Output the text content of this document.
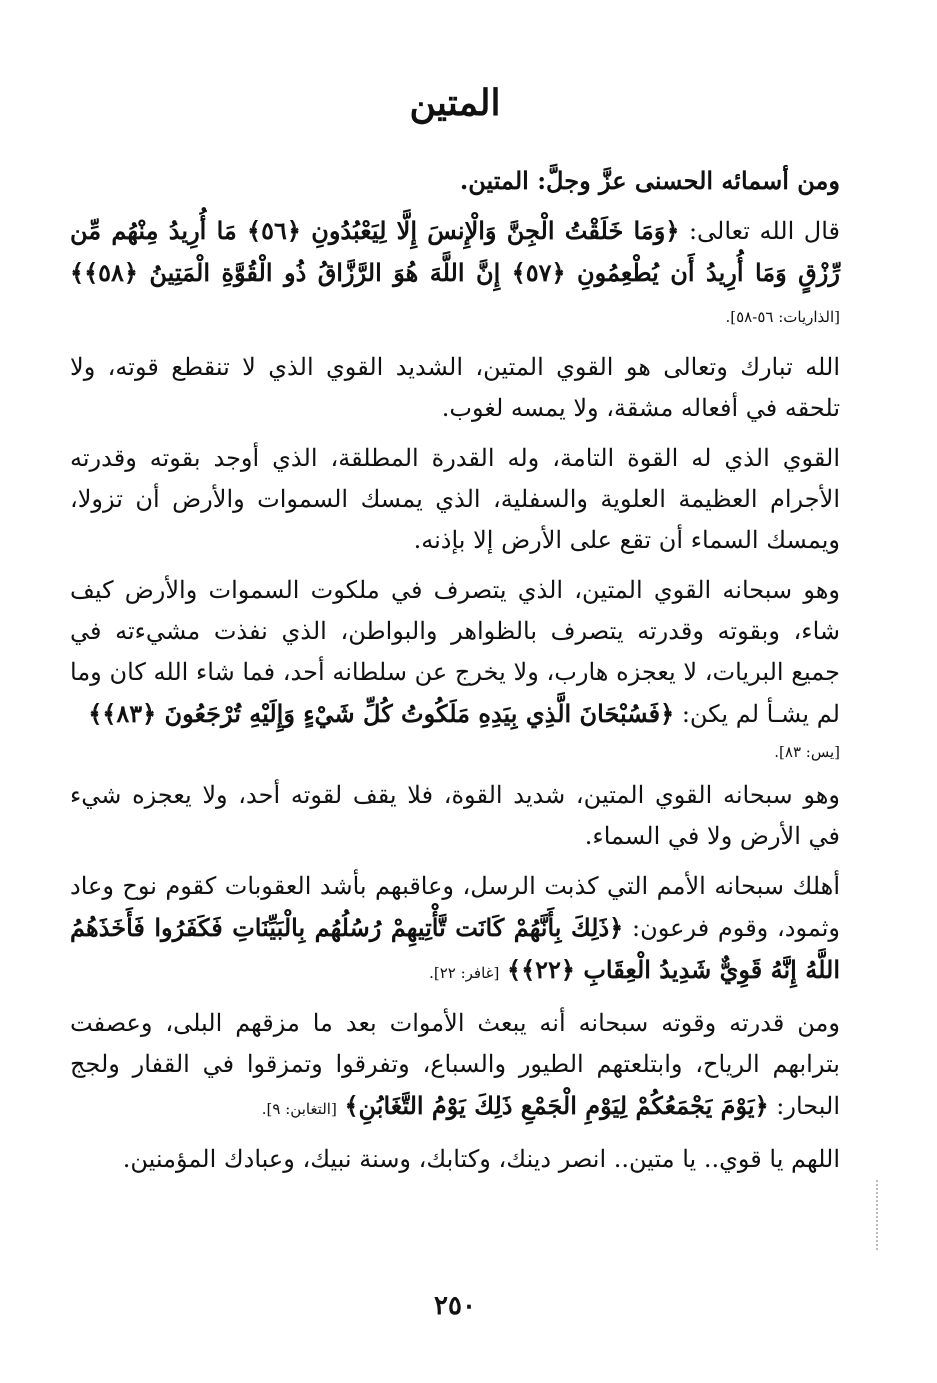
المتين

ومن أسمائه الحسنى عزَّ وجلَّ: المتين.

قال الله تعالى: ﴿وَمَا خَلَقْتُ الْجِنَّ وَالْإِنسَ إِلَّا لِيَعْبُدُونِ ﴿٥٦﴾ مَا أُرِيدُ مِنْهُم مِّن رِّزْقٍ وَمَا أُرِيدُ أَن يُطْعِمُونِ ﴿٥٧﴾ إِنَّ اللَّهَ هُوَ الرَّزَّاقُ ذُو الْقُوَّةِ الْمَتِينُ ﴿٥٨﴾﴾ [الذاريات: ٥٦-٥٨].

الله تبارك وتعالى هو القوي المتين، الشديد القوي الذي لا تنقطع قوته، ولا تلحقه في أفعاله مشقة، ولا يمسه لغوب.

القوي الذي له القوة التامة، وله القدرة المطلقة، الذي أوجد بقوته وقدرته الأجرام العظيمة العلوية والسفلية، الذي يمسك السموات والأرض أن تزولا، ويمسك السماء أن تقع على الأرض إلا بإذنه.

وهو سبحانه القوي المتين، الذي يتصرف في ملكوت السموات والأرض كيف شاء، وبقوته وقدرته يتصرف بالظواهر والبواطن، الذي نفذت مشيءته في جميع البريات، لا يعجزه هارب، ولا يخرج عن سلطانه أحد، فما شاء الله كان وما لم يشـأ لم يكن: ﴿فَسُبْحَانَ الَّذِي بِيَدِهِ مَلَكُوتُ كُلِّ شَيْءٍ وَإِلَيْهِ تُرْجَعُونَ ﴿٨٣﴾﴾

[يس: ٨٣].

وهو سبحانه القوي المتين، شديد القوة، فلا يقف لقوته أحد، ولا يعجزه شيء في الأرض ولا في السماء.

أهلك سبحانه الأمم التي كذبت الرسل، وعاقبهم بأشد العقوبات كقوم نوح وعاد وثمود، وقوم فرعون: ﴿ذَلِكَ بِأَنَّهُمْ كَانَت تَّأْتِيهِمْ رُسُلُهُم بِالْبَيِّنَاتِ فَكَفَرُوا فَأَخَذَهُمُ اللَّهُ إِنَّهُ قَوِيٌّ شَدِيدُ الْعِقَابِ ﴿٢٢﴾﴾ [غافر: ٢٢].

ومن قدرته وقوته سبحانه أنه يبعث الأموات بعد ما مزقهم البلى، وعصفت بترابهم الرياح، وابتلعتهم الطيور والسباع، وتفرقوا وتمزقوا في القفار ولجج البحار: ﴿يَوْمَ يَجْمَعُكُمْ لِيَوْمِ الْجَمْعِ ذَلِكَ يَوْمُ التَّغَابُنِ﴾ [التغابن: ٩].

اللهم يا قوي.. يا متين.. انصر دينك، وكتابك، وسنة نبيك، وعبادك المؤمنين.

٢٥٠
